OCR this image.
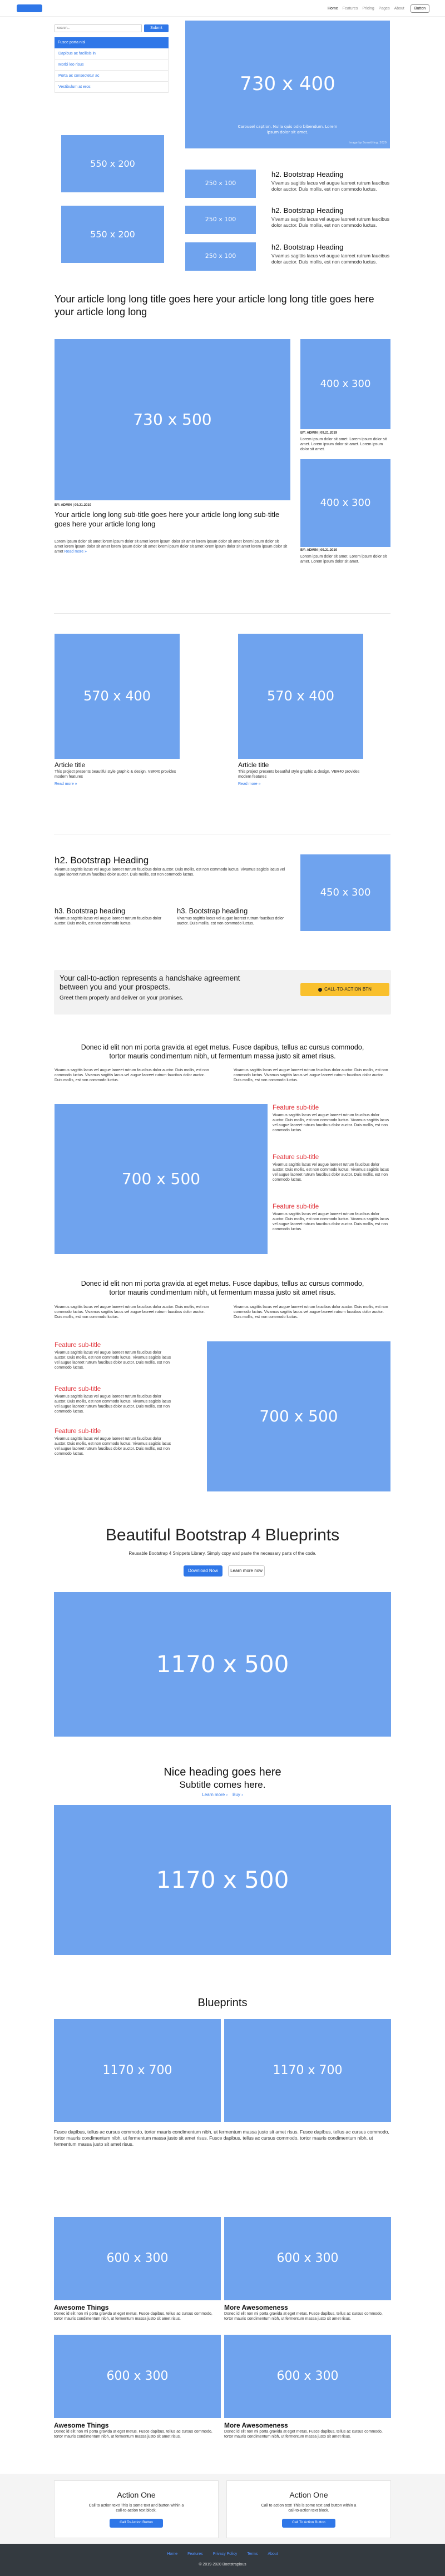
Logo	Home Features Pricing Pages About	Button
Search...
Submit
Fusce porta nisl
Dapibus ac facilisis in
Morbi leo risus
Porta ac consectetur ac
Vestibulum at eros	730 x 400
Carousel caption. Nulla quis odio bibendum. Lorem ipsum dolor sit amet.
Image by Something, 2020
550 x 200
550 x 200
250 x 100
h2. Bootstrap Heading
Vivamus sagittis lacus vel augue laoreet rutrum faucibus dolor auctor. Duis mollis, est non commodo luctus.
250 x 100
h2. Bootstrap Heading
Vivamus sagittis lacus vel augue laoreet rutrum faucibus dolor auctor. Duis mollis, est non commodo luctus.
250 x 100
h2. Bootstrap Heading
Vivamus sagittis lacus vel augue laoreet rutrum faucibus dolor auctor. Duis mollis, est non commodo luctus.
Your article long long title goes here your article long long title goes here your article long long
730 x 500
BY: ADMIN | 09.21.2019
Your article long long sub-title goes here your article long long sub-title goes here your article long long
Lorem ipsum dolor sit amet lorem ipsum dolor sit amet lorem ipsum dolor sit amet lorem ipsum dolor sit amet lorem ipsum dolor sit amet lorem ipsum dolor sit amet lorem ipsum dolor sit amet lorem ipsum dolor sit amet lorem ipsum dolor sit amet lorem ipsum dolor sit amet Read more »
400 x 300
BY: ADMIN | 09.21.2019
Lorem ipsum dolor sit amet. Lorem ipsum dolor sit amet. Lorem ipsum dolor sit amet. Lorem ipsum dolor sit amet.
400 x 300
BY: ADMIN | 09.21.2019
Lorem ipsum dolor sit amet. Lorem ipsum dolor sit amet. Lorem ipsum dolor sit amet.
570 x 400
Article title
This project presents beautiful style graphic & design. VBR40 provides modern features
Read more »
570 x 400
Article title
This project presents beautiful style graphic & design. VBR40 provides modern features
Read more »
h2. Bootstrap Heading
Vivamus sagittis lacus vel augue laoreet rutrum faucibus dolor auctor. Duis mollis, est non commodo luctus. Vivamus sagittis lacus vel augue laoreet rutrum faucibus dolor auctor. Duis mollis, est non commodo luctus.
h3. Bootstrap heading
Vivamus sagittis lacus vel augue laoreet rutrum faucibus dolor auctor. Duis mollis, est non commodo luctus.
h3. Bootstrap heading
Vivamus sagittis lacus vel augue laoreet rutrum faucibus dolor auctor. Duis mollis, est non commodo luctus.
450 x 300
Your call-to-action represents a handshake agreement between you and your prospects.
Greet them properly and deliver on your promises.
CALL-TO-ACTION BTN
Donec id elit non mi porta gravida at eget metus. Fusce dapibus, tellus ac cursus commodo, tortor mauris condimentum nibh, ut fermentum massa justo sit amet risus.
Vivamus sagittis lacus vel augue laoreet rutrum faucibus dolor auctor. Duis mollis, est non commodo luctus. Vivamus sagittis lacus vel augue laoreet rutrum faucibus dolor auctor. Duis mollis, est non commodo luctus.
Vivamus sagittis lacus vel augue laoreet rutrum faucibus dolor auctor. Duis mollis, est non commodo luctus. Vivamus sagittis lacus vel augue laoreet rutrum faucibus dolor auctor. Duis mollis, est non commodo luctus.
700 x 500
Feature sub-title
Vivamus sagittis lacus vel augue laoreet rutrum faucibus dolor auctor. Duis mollis, est non commodo luctus. Vivamus sagittis lacus vel augue laoreet rutrum faucibus dolor auctor. Duis mollis, est non commodo luctus.
Feature sub-title
Vivamus sagittis lacus vel augue laoreet rutrum faucibus dolor auctor. Duis mollis, est non commodo luctus. Vivamus sagittis lacus vel augue laoreet rutrum faucibus dolor auctor. Duis mollis, est non commodo luctus.
Feature sub-title
Vivamus sagittis lacus vel augue laoreet rutrum faucibus dolor auctor. Duis mollis, est non commodo luctus. Vivamus sagittis lacus vel augue laoreet rutrum faucibus dolor auctor. Duis mollis, est non commodo luctus.
Donec id elit non mi porta gravida at eget metus. Fusce dapibus, tellus ac cursus commodo, tortor mauris condimentum nibh, ut fermentum massa justo sit amet risus.
Vivamus sagittis lacus vel augue laoreet rutrum faucibus dolor auctor. Duis mollis, est non commodo luctus. Vivamus sagittis lacus vel augue laoreet rutrum faucibus dolor auctor. Duis mollis, est non commodo luctus.
Vivamus sagittis lacus vel augue laoreet rutrum faucibus dolor auctor. Duis mollis, est non commodo luctus. Vivamus sagittis lacus vel augue laoreet rutrum faucibus dolor auctor. Duis mollis, est non commodo luctus.
Feature sub-title
Vivamus sagittis lacus vel augue laoreet rutrum faucibus dolor auctor. Duis mollis, est non commodo luctus. Vivamus sagittis lacus vel augue laoreet rutrum faucibus dolor auctor. Duis mollis, est non commodo luctus.
Feature sub-title
Vivamus sagittis lacus vel augue laoreet rutrum faucibus dolor auctor. Duis mollis, est non commodo luctus. Vivamus sagittis lacus vel augue laoreet rutrum faucibus dolor auctor. Duis mollis, est non commodo luctus.
Feature sub-title
Vivamus sagittis lacus vel augue laoreet rutrum faucibus dolor auctor. Duis mollis, est non commodo luctus. Vivamus sagittis lacus vel augue laoreet rutrum faucibus dolor auctor. Duis mollis, est non commodo luctus.
700 x 500
Beautiful Bootstrap 4 Blueprints
Reusable Bootstrap 4 Snippets Library. Simply copy and paste the necessary parts of the code.
Download Now	Learn more now
1170 x 500
Nice heading goes here
Subtitle comes here.
Learn more › Buy ›
1170 x 500
Blueprints
1170 x 700	1170 x 700
Fusce dapibus, tellus ac cursus commodo, tortor mauris condimentum nibh, ut fermentum massa justo sit amet risus. Fusce dapibus, tellus ac cursus commodo, tortor mauris condimentum nibh, ut fermentum massa justo sit amet risus. Fusce dapibus, tellus ac cursus commodo, tortor mauris condimentum nibh, ut fermentum massa justo sit amet risus.
600 x 300
Awesome Things
Donec id elit non mi porta gravida at eget metus. Fusce dapibus, tellus ac cursus commodo, tortor mauris condimentum nibh, ut fermentum massa justo sit amet risus.
600 x 300
More Awesomeness
Donec id elit non mi porta gravida at eget metus. Fusce dapibus, tellus ac cursus commodo, tortor mauris condimentum nibh, ut fermentum massa justo sit amet risus.
600 x 300
Awesome Things
Donec id elit non mi porta gravida at eget metus. Fusce dapibus, tellus ac cursus commodo, tortor mauris condimentum nibh, ut fermentum massa justo sit amet risus.
600 x 300
More Awesomeness
Donec id elit non mi porta gravida at eget metus. Fusce dapibus, tellus ac cursus commodo, tortor mauris condimentum nibh, ut fermentum massa justo sit amet risus.
Action One
Call to action text! This is some text and button within a call-to-action text block.
Call To Action Button
Action One
Call to action text! This is some text and button within a call-to-action text block.
Call To Action Button
Home	Features	Privacy Policy	Terms	About
© 2019-2020 Bootstrapious
